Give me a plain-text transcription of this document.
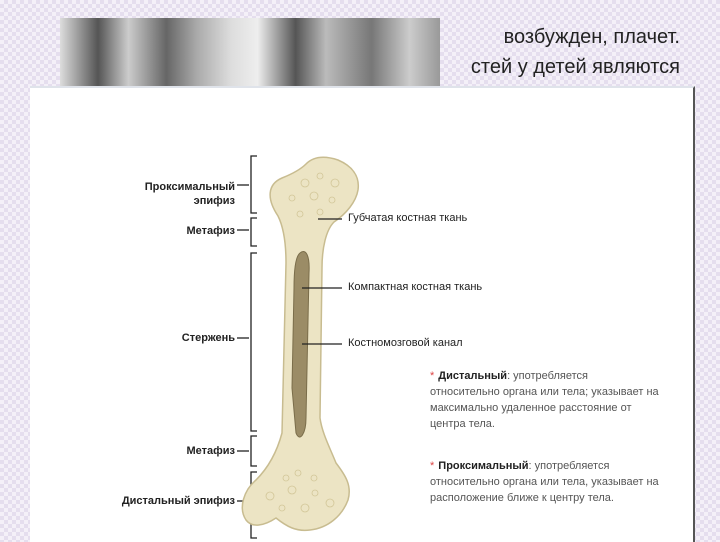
возбужден, плачет.
стей у детей являются
Проксимальный эпифиз
Метафиз
Стержень
Метафиз
Дистальный эпифиз
Губчатая костная ткань
Компактная костная ткань
Костномозговой канал
* Дистальный: употребляется относительно органа или тела; указывает на максимально удаленное расстояние от центра тела.
* Проксимальный: употребляется относительно органа или тела, указывает на расположение ближе к центру тела.
